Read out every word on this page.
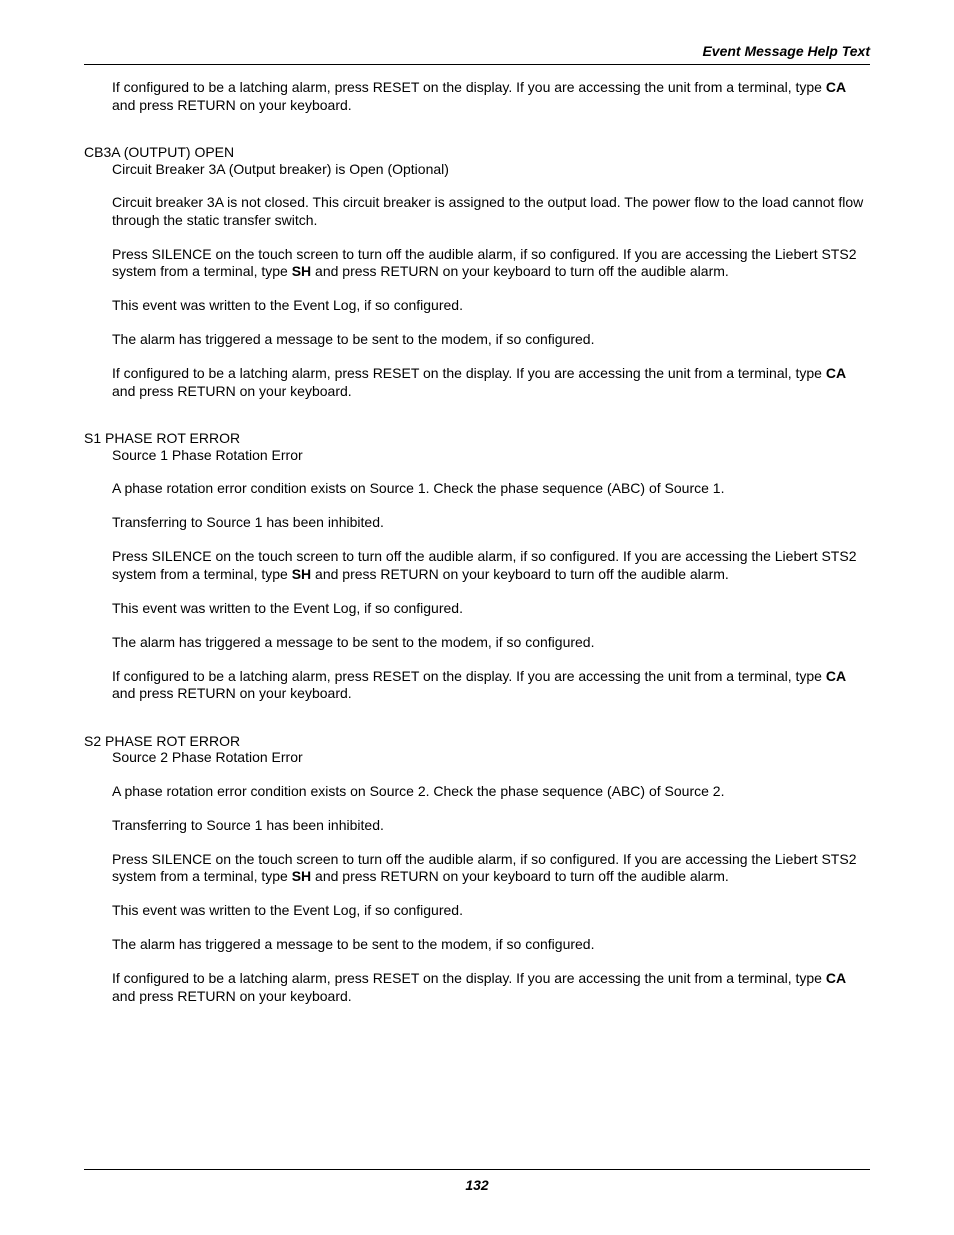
Event Message Help Text

If configured to be a latching alarm, press RESET on the display. If you are accessing the unit from a terminal, type CA and press RETURN on your keyboard.

CB3A (OUTPUT) OPEN

Circuit Breaker 3A (Output breaker) is Open (Optional)

Circuit breaker 3A is not closed. This circuit breaker is assigned to the output load. The power flow to the load cannot flow through the static transfer switch.

Press SILENCE on the touch screen to turn off the audible alarm, if so configured. If you are accessing the Liebert STS2 system from a terminal, type SH and press RETURN on your keyboard to turn off the audible alarm.

This event was written to the Event Log, if so configured.

The alarm has triggered a message to be sent to the modem, if so configured.

If configured to be a latching alarm, press RESET on the display. If you are accessing the unit from a terminal, type CA and press RETURN on your keyboard.

S1 PHASE ROT ERROR

Source 1 Phase Rotation Error

A phase rotation error condition exists on Source 1. Check the phase sequence (ABC) of Source 1.

Transferring to Source 1 has been inhibited.

Press SILENCE on the touch screen to turn off the audible alarm, if so configured. If you are accessing the Liebert STS2 system from a terminal, type SH and press RETURN on your keyboard to turn off the audible alarm.

This event was written to the Event Log, if so configured.

The alarm has triggered a message to be sent to the modem, if so configured.

If configured to be a latching alarm, press RESET on the display. If you are accessing the unit from a terminal, type CA and press RETURN on your keyboard.

S2 PHASE ROT ERROR

Source 2 Phase Rotation Error

A phase rotation error condition exists on Source 2. Check the phase sequence (ABC) of Source 2.

Transferring to Source 1 has been inhibited.

Press SILENCE on the touch screen to turn off the audible alarm, if so configured. If you are accessing the Liebert STS2 system from a terminal, type SH and press RETURN on your keyboard to turn off the audible alarm.

This event was written to the Event Log, if so configured.

The alarm has triggered a message to be sent to the modem, if so configured.

If configured to be a latching alarm, press RESET on the display. If you are accessing the unit from a terminal, type CA and press RETURN on your keyboard.

132
